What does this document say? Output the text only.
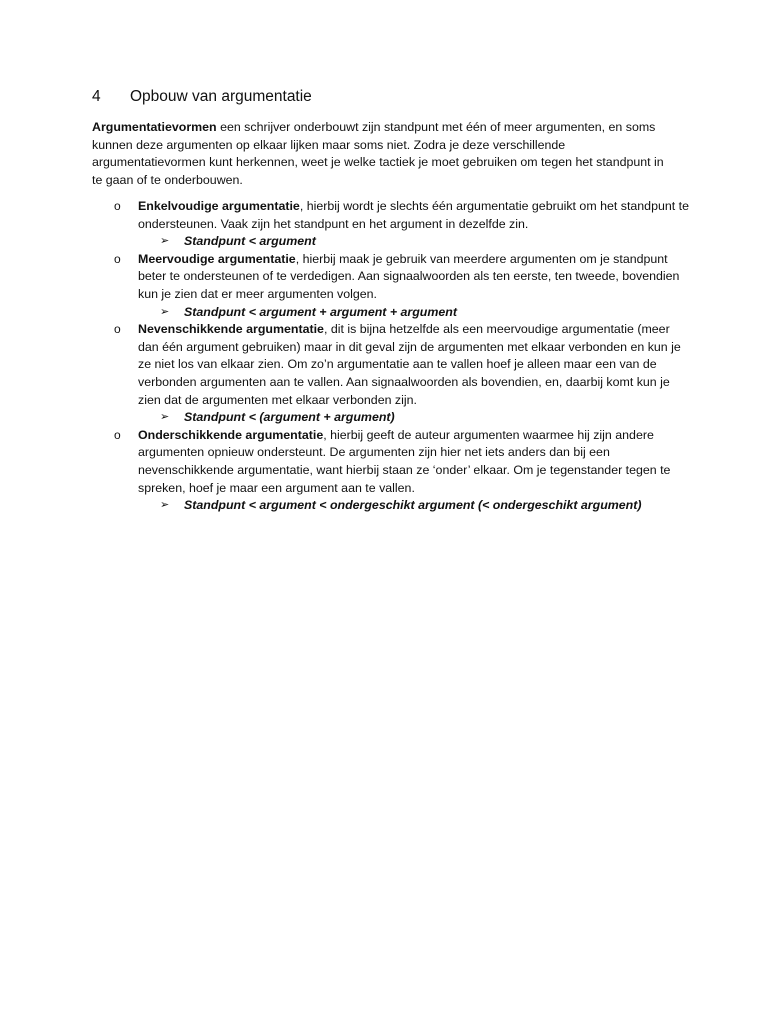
4 Opbouw van argumentatie

Argumentatievormen een schrijver onderbouwt zijn standpunt met één of meer argumenten, en soms kunnen deze argumenten op elkaar lijken maar soms niet. Zodra je deze verschillende argumentatievormen kunt herkennen, weet je welke tactiek je moet gebruiken om tegen het standpunt in te gaan of te onderbouwen.

o Enkelvoudige argumentatie, hierbij wordt je slechts één argumentatie gebruikt om het standpunt te ondersteunen. Vaak zijn het standpunt en het argument in dezelfde zin.
➢ Standpunt < argument
o Meervoudige argumentatie, hierbij maak je gebruik van meerdere argumenten om je standpunt beter te ondersteunen of te verdedigen. Aan signaalwoorden als ten eerste, ten tweede, bovendien kun je zien dat er meer argumenten volgen.
➢ Standpunt < argument + argument + argument
o Nevenschikkende argumentatie, dit is bijna hetzelfde als een meervoudige argumentatie (meer dan één argument gebruiken) maar in dit geval zijn de argumenten met elkaar verbonden en kun je ze niet los van elkaar zien. Om zo’n argumentatie aan te vallen hoef je alleen maar een van de verbonden argumenten aan te vallen. Aan signaalwoorden als bovendien, en, daarbij komt kun je zien dat de argumenten met elkaar verbonden zijn.
➢ Standpunt < (argument + argument)
o Onderschikkende argumentatie, hierbij geeft de auteur argumenten waarmee hij zijn andere argumenten opnieuw ondersteunt. De argumenten zijn hier net iets anders dan bij een nevenschikkende argumentatie, want hierbij staan ze ‘onder’ elkaar. Om je tegenstander tegen te spreken, hoef je maar een argument aan te vallen.
➢ Standpunt < argument < ondergeschikt argument (< ondergeschikt argument)
